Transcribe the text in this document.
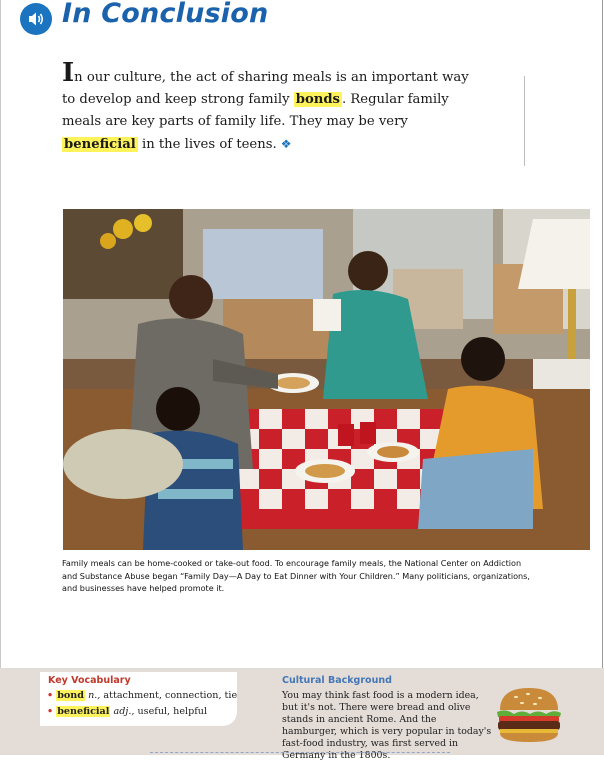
In Conclusion

In our culture, the act of sharing meals is an important way to develop and keep strong family bonds . Regular family meals are key parts of family life. They may be very beneficial in the lives of teens. ❖

Family meals can be home-cooked or take-out food. To encourage family meals, the National Center on Addiction and Substance Abuse began “Family Day—A Day to Eat Dinner with Your Children.” Many politicians, organizations, and businesses have helped promote it.

Key Vocabulary
• bond n., attachment, connection, tie
• beneficial adj., useful, helpful
Cultural Background

You may think fast food is a modern idea, but it's not. There were bread and olive stands in ancient Rome. And the hamburger, which is very popular in today's fast-food industry, was first served in Germany in the 1800s.
